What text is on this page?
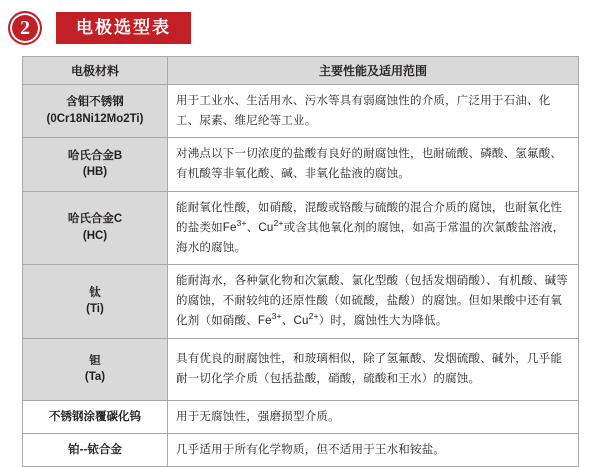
2	电极选型表
电极材料	主要性能及适用范围

含钼不锈钢
(0Cr18Ni12Mo2Ti)	用于工业水、生活用水、污水等具有弱腐蚀性的介质，广泛用于石油、化工、尿素、维尼纶等工业。

哈氏合金B
(HB)	对沸点以下一切浓度的盐酸有良好的耐腐蚀性，也耐硫酸、磷酸、氢氟酸、有机酸等非氧化酸、碱、非氧化盐液的腐蚀。

哈氏合金C
(HC)	能耐氧化性酸，如硝酸，混酸或铬酸与硫酸的混合介质的腐蚀，也耐氧化性的盐类如$Fe^{3+}$、$Cu^{2+}$或含其他氧化剂的腐蚀，如高于常温的次氯酸盐溶液，海水的腐蚀。

钛
(Ti)	能耐海水，各种氯化物和次氯酸、氯化型酸（包括发烟硝酸）、有机酸、碱等的腐蚀，不耐较纯的还原性酸（如硫酸，盐酸）的腐蚀。但如果酸中还有氧化剂（如硝酸、$Fe^{3+}$、$Cu^{2+}$）时，腐蚀性大为降低。

钽
(Ta)	具有优良的耐腐蚀性，和玻璃相似，除了氢氟酸、发烟硫酸、碱外，几乎能耐一切化学介质（包括盐酸，硝酸，硫酸和王水）的腐蚀。

不锈钢涂覆碳化钨	用于无腐蚀性，强磨损型介质。

铂--铱合金	几乎适用于所有化学物质，但不适用于王水和铵盐。
